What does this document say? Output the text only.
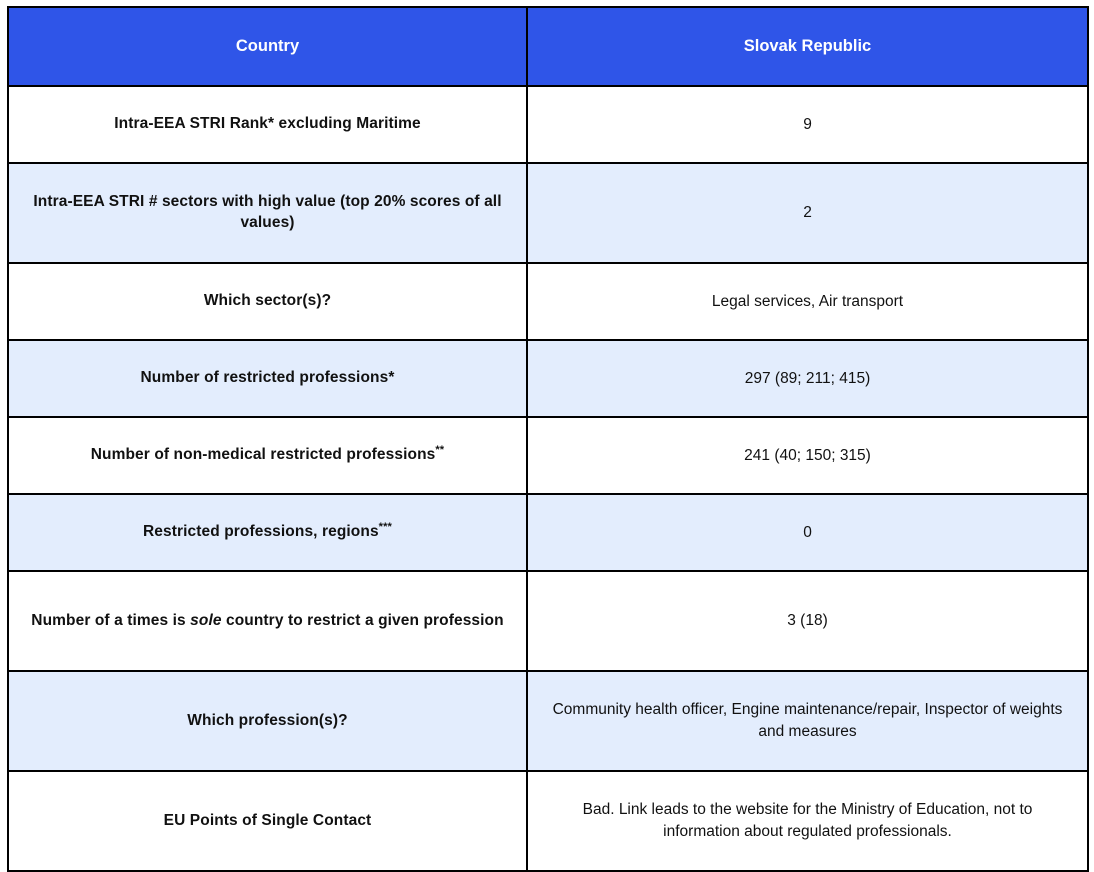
Country	Slovak Republic
Intra-EEA STRI Rank* excluding Maritime	9
Intra-EEA STRI # sectors with high value (top 20% scores of all values)	2
Which sector(s)?	Legal services, Air transport
Number of restricted professions*	297 (89; 211; 415)
Number of non-medical restricted professions**	241 (40; 150; 315)
Restricted professions, regions***	0
Number of a times is sole country to restrict a given profession	3 (18)
Which profession(s)?	Community health officer, Engine maintenance/repair, Inspector of weights and measures
EU Points of Single Contact	Bad. Link leads to the website for the Ministry of Education, not to information about regulated professionals.
